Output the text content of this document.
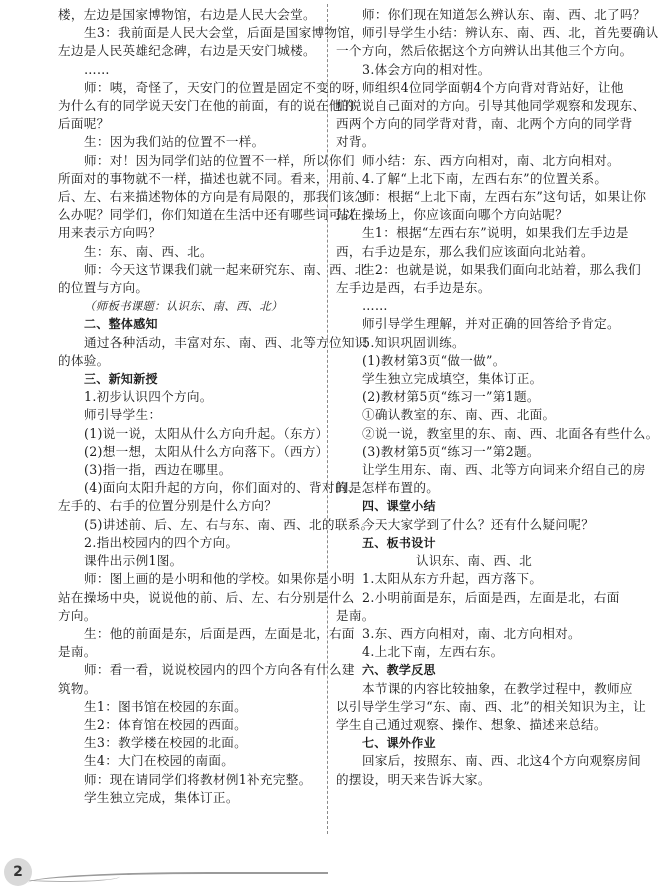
楼，左边是国家博物馆，右边是人民大会堂。
生3：我前面是人民大会堂，后面是国家博物馆，
左边是人民英雄纪念碑，右边是天安门城楼。
……
师：咦，奇怪了，天安门的位置是固定不变的呀，
为什么有的同学说天安门在他的前面，有的说在他的
后面呢？
生：因为我们站的位置不一样。
师：对！因为同学们站的位置不一样，所以你们
所面对的事物就不一样，描述也就不同。看来，用前、
后、左、右来描述物体的方向是有局限的，那我们该怎
么办呢？同学们，你们知道在生活中还有哪些词可以
用来表示方向吗？
生：东、南、西、北。
师：今天这节课我们就一起来研究东、南、西、北
的位置与方向。
（师板书课题：认识东、南、西、北）
二、整体感知
通过各种活动，丰富对东、南、西、北等方位知识
的体验。
三、新知新授
1.初步认识四个方向。
师引导学生：
(1)说一说，太阳从什么方向升起。（东方）
(2)想一想，太阳从什么方向落下。（西方）
(3)指一指，西边在哪里。
(4)面向太阳升起的方向，你们面对的、背对的、
左手的、右手的位置分别是什么方向？
(5)讲述前、后、左、右与东、南、西、北的联系。
2.指出校园内的四个方向。
课件出示例1图。
师：图上画的是小明和他的学校。如果你是小明
站在操场中央，说说他的前、后、左、右分别是什么
方向。
生：他的前面是东，后面是西，左面是北，右面
是南。
师：看一看，说说校园内的四个方向各有什么建
筑物。
生1：图书馆在校园的东面。
生2：体育馆在校园的西面。
生3：教学楼在校园的北面。
生4：大门在校园的南面。
师：现在请同学们将教材例1补充完整。
学生独立完成，集体订正。
师：你们现在知道怎么辨认东、南、西、北了吗？
师引导学生小结：辨认东、南、西、北，首先要确认
一个方向，然后依据这个方向辨认出其他三个方向。
3.体会方向的相对性。
师组织4位同学面朝4个方向背对背站好，让他
们说说自己面对的方向。引导其他同学观察和发现东、
西两个方向的同学背对背，南、北两个方向的同学背
对背。
师小结：东、西方向相对，南、北方向相对。
4.了解“上北下南，左西右东”的位置关系。
师：根据“上北下南，左西右东”这句话，如果让你
站在操场上，你应该面向哪个方向站呢？
生1：根据“左西右东”说明，如果我们左手边是
西，右手边是东，那么我们应该面向北站着。
生2：也就是说，如果我们面向北站着，那么我们
左手边是西，右手边是东。
……
师引导学生理解，并对正确的回答给予肯定。
5.知识巩固训练。
(1)教材第3页“做一做”。
学生独立完成填空，集体订正。
(2)教材第5页“练习一”第1题。
①确认教室的东、南、西、北面。
②说一说，教室里的东、南、西、北面各有些什么。
(3)教材第5页“练习一”第2题。
让学生用东、南、西、北等方向词来介绍自己的房
间是怎样布置的。
四、课堂小结
今天大家学到了什么？还有什么疑问呢？
五、板书设计
认识东、南、西、北
1.太阳从东方升起，西方落下。
2.小明前面是东，后面是西，左面是北，右面
是南。
3.东、西方向相对，南、北方向相对。
4.上北下南，左西右东。
六、教学反思
本节课的内容比较抽象，在教学过程中，教师应
以引导学生学习“东、南、西、北”的相关知识为主，让
学生自己通过观察、操作、想象、描述来总结。
七、课外作业
回家后，按照东、南、西、北这4个方向观察房间
的摆设，明天来告诉大家。
2
